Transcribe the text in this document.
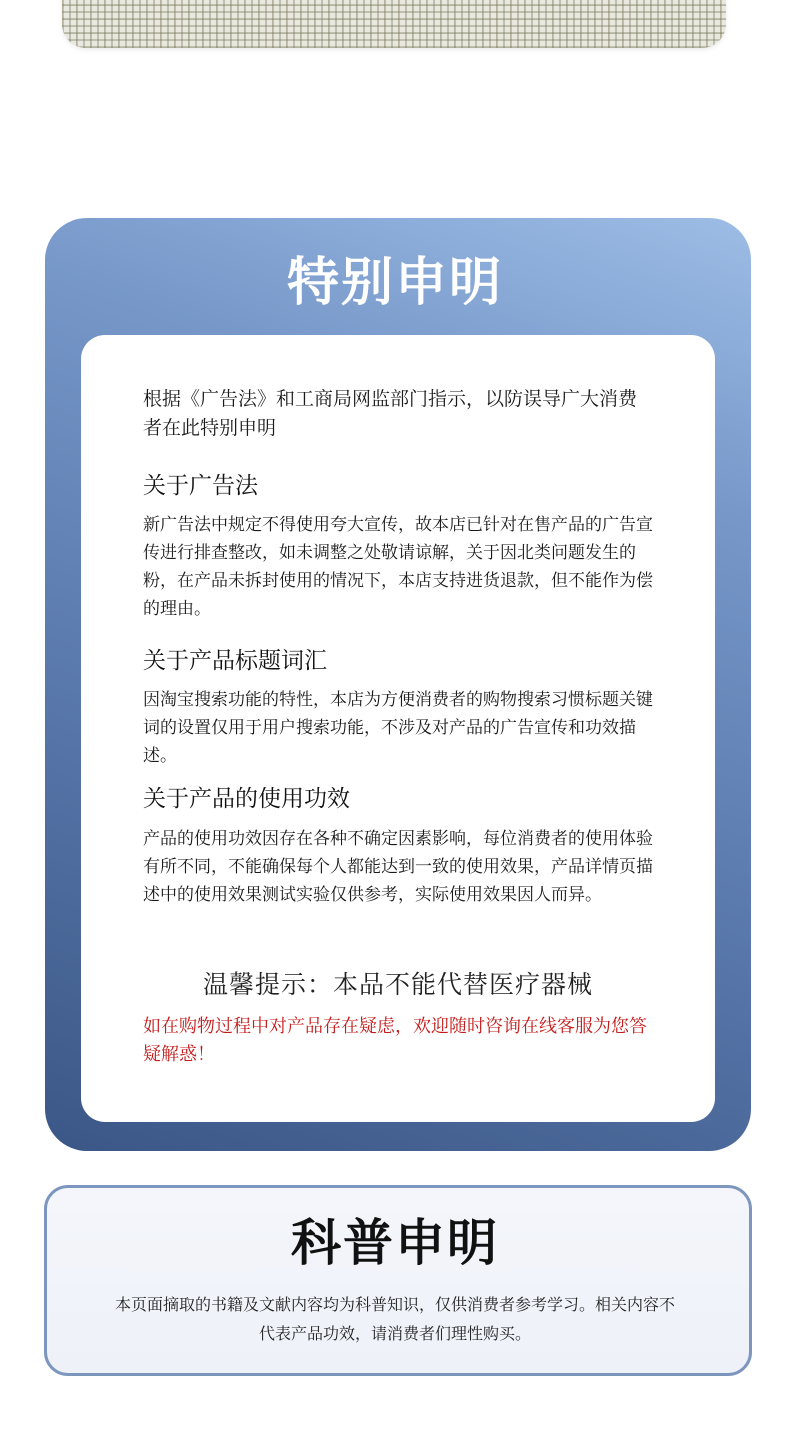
特别申明
根据《广告法》和工商局网监部门指示，以防误导广大消费者在此特别申明
关于广告法
新广告法中规定不得使用夸大宣传，故本店已针对在售产品的广告宣传进行排查整改，如未调整之处敬请谅解，关于因北类问题发生的粉，在产品未拆封使用的情况下，本店支持进货退款，但不能作为偿的理由。
关于产品标题词汇
因淘宝搜索功能的特性，本店为方便消费者的购物搜索习惯标题关键词的设置仅用于用户搜索功能，不涉及对产品的广告宣传和功效描述。
关于产品的使用功效
产品的使用功效因存在各种不确定因素影响，每位消费者的使用体验有所不同，不能确保每个人都能达到一致的使用效果，产品详情页描述中的使用效果测试实验仅供参考，实际使用效果因人而异。
温馨提示：本品不能代替医疗器械
如在购物过程中对产品存在疑虑，欢迎随时咨询在线客服为您答疑解惑！
科普申明
本页面摘取的书籍及文献内容均为科普知识，仅供消费者参考学习。相关内容不代表产品功效，请消费者们理性购买。
